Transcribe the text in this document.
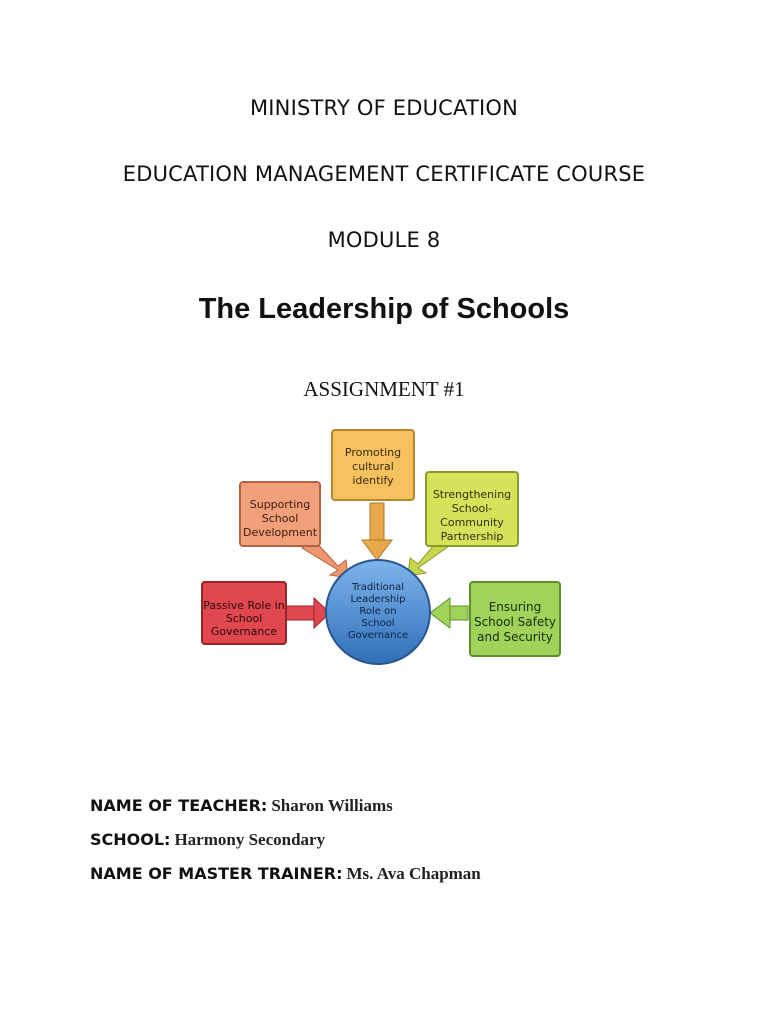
MINISTRY OF EDUCATION
EDUCATION MANAGEMENT CERTIFICATE COURSE
MODULE 8
The Leadership of Schools
ASSIGNMENT #1
Promoting cultural identify
Supporting School Development
Strengthening School-Community Partnership
Passive Role in School Governance
Ensuring School Safety and Security
Traditional Leadership Role on School Governance
NAME OF TEACHER: Sharon Williams
SCHOOL: Harmony Secondary
NAME OF MASTER TRAINER: Ms. Ava Chapman
